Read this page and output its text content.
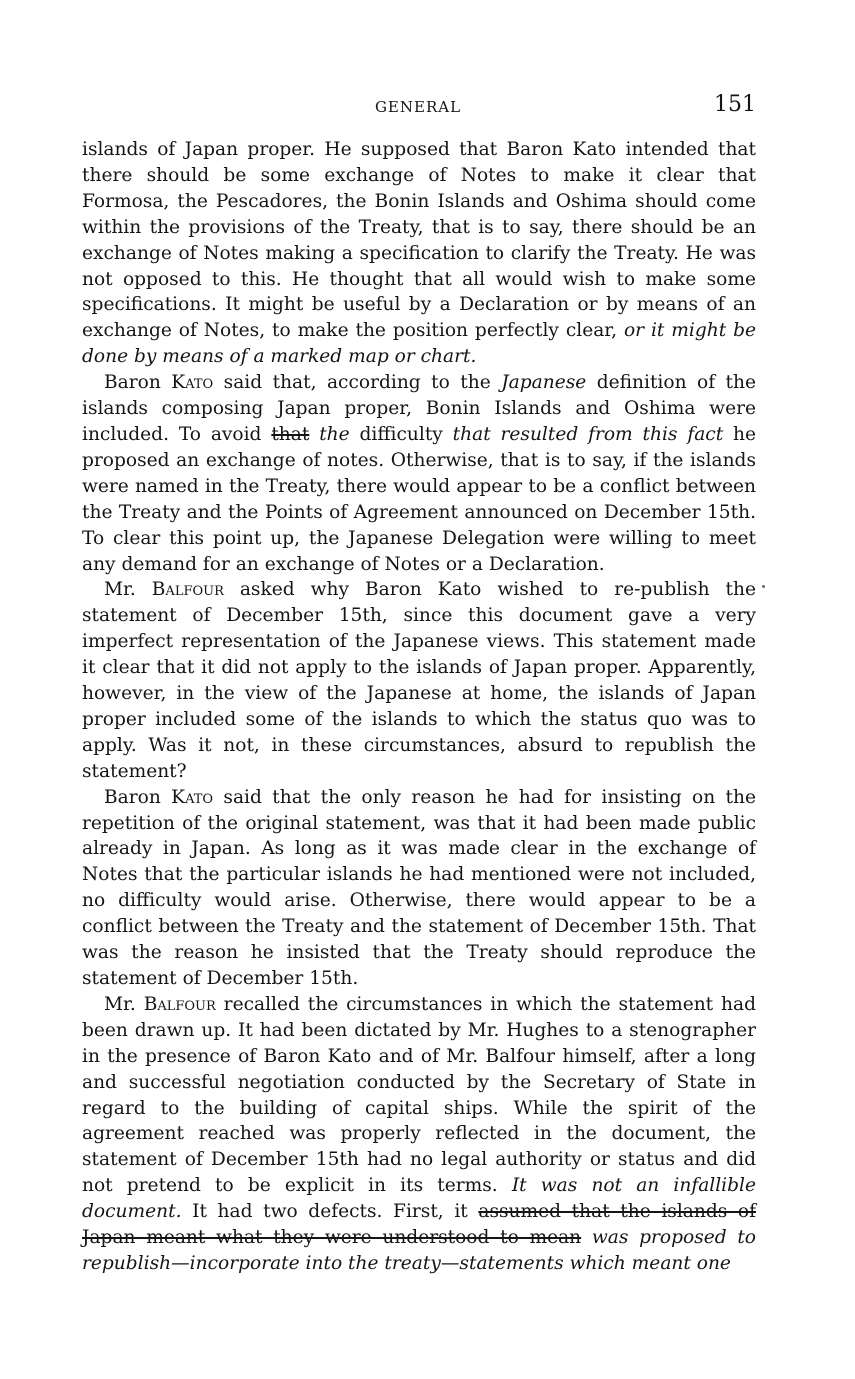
GENERAL	151

islands of Japan proper. He supposed that Baron Kato intended that there should be some exchange of Notes to make it clear that Formosa, the Pescadores, the Bonin Islands and Oshima should come within the provisions of the Treaty, that is to say, there should be an exchange of Notes making a specification to clarify the Treaty. He was not opposed to this. He thought that all would wish to make some specifications. It might be useful by a Declaration or by means of an exchange of Notes, to make the position perfectly clear, or it might be done by means of a marked map or chart.

Baron Kato said that, according to the Japanese definition of the islands composing Japan proper, Bonin Islands and Oshima were included. To avoid that the difficulty that resulted from this fact he proposed an exchange of notes. Otherwise, that is to say, if the islands were named in the Treaty, there would appear to be a conflict between the Treaty and the Points of Agreement announced on December 15th. To clear this point up, the Japanese Delegation were willing to meet any demand for an exchange of Notes or a Declaration.

Mr. Balfour asked why Baron Kato wished to re-publish the statement of December 15th, since this document gave a very imperfect representation of the Japanese views. This statement made it clear that it did not apply to the islands of Japan proper. Apparently, however, in the view of the Japanese at home, the islands of Japan proper included some of the islands to which the status quo was to apply. Was it not, in these circumstances, absurd to republish the statement?

Baron Kato said that the only reason he had for insisting on the repetition of the original statement, was that it had been made public already in Japan. As long as it was made clear in the exchange of Notes that the particular islands he had mentioned were not included, no difficulty would arise. Otherwise, there would appear to be a conflict between the Treaty and the statement of December 15th. That was the reason he insisted that the Treaty should reproduce the statement of December 15th.

Mr. Balfour recalled the circumstances in which the statement had been drawn up. It had been dictated by Mr. Hughes to a stenographer in the presence of Baron Kato and of Mr. Balfour himself, after a long and successful negotiation conducted by the Secretary of State in regard to the building of capital ships. While the spirit of the agreement reached was properly reflected in the document, the statement of December 15th had no legal authority or status and did not pretend to be explicit in its terms. It was not an infallible document. It had two defects. First, it assumed that the islands of Japan meant what they were understood to mean was proposed to republish—incorporate into the treaty—statements which meant one
